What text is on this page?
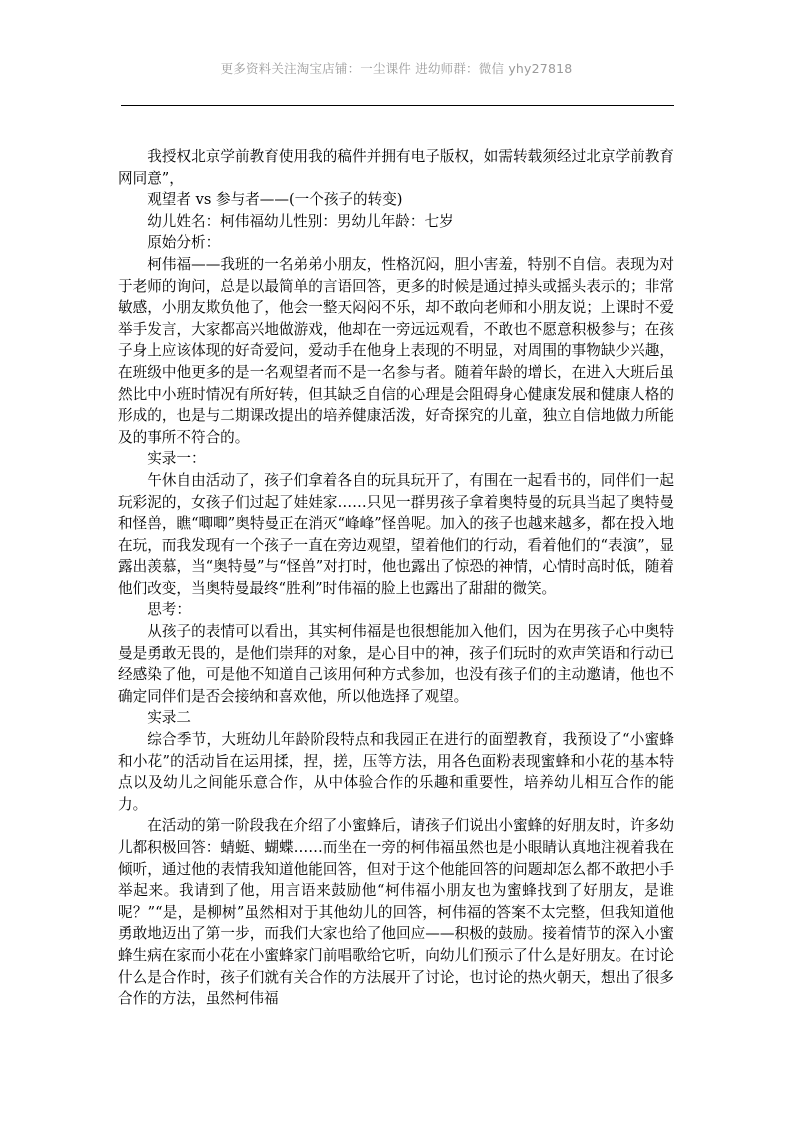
更多资料关注淘宝店铺：一尘课件 进幼师群：微信 yhy27818

我授权北京学前教育使用我的稿件并拥有电子版权，如需转载须经过北京学前教育网同意”，

观望者 vs 参与者——(一个孩子的转变)

幼儿姓名：柯伟福幼儿性别：男幼儿年龄：七岁

原始分析：

柯伟福——我班的一名弟弟小朋友，性格沉闷，胆小害羞，特别不自信。表现为对于老师的询问，总是以最简单的言语回答，更多的时候是通过掉头或摇头表示的；非常敏感，小朋友欺负他了，他会一整天闷闷不乐，却不敢向老师和小朋友说；上课时不爱举手发言，大家都高兴地做游戏，他却在一旁远远观看，不敢也不愿意积极参与；在孩子身上应该体现的好奇爱问，爱动手在他身上表现的不明显，对周围的事物缺少兴趣，在班级中他更多的是一名观望者而不是一名参与者。随着年龄的增长，在进入大班后虽然比中小班时情况有所好转，但其缺乏自信的心理是会阻碍身心健康发展和健康人格的形成的，也是与二期课改提出的培养健康活泼，好奇探究的儿童，独立自信地做力所能及的事所不符合的。

实录一：

午休自由活动了，孩子们拿着各自的玩具玩开了，有围在一起看书的，同伴们一起玩彩泥的，女孩子们过起了娃娃家……只见一群男孩子拿着奥特曼的玩具当起了奥特曼和怪兽，瞧“唧唧”奥特曼正在消灭“峰峰”怪兽呢。加入的孩子也越来越多，都在投入地在玩，而我发现有一个孩子一直在旁边观望，望着他们的行动，看着他们的“表演”，显露出羡慕，当“奥特曼”与“怪兽”对打时，他也露出了惊恐的神情，心情时高时低，随着他们改变，当奥特曼最终“胜利”时伟福的脸上也露出了甜甜的微笑。

思考：

从孩子的表情可以看出，其实柯伟福是也很想能加入他们，因为在男孩子心中奥特曼是勇敢无畏的，是他们崇拜的对象，是心目中的神，孩子们玩时的欢声笑语和行动已经感染了他，可是他不知道自己该用何种方式参加，也没有孩子们的主动邀请，他也不确定同伴们是否会接纳和喜欢他，所以他选择了观望。

实录二

综合季节，大班幼儿年龄阶段特点和我园正在进行的面塑教育，我预设了“小蜜蜂和小花”的活动旨在运用揉，捏，搓，压等方法，用各色面粉表现蜜蜂和小花的基本特点以及幼儿之间能乐意合作，从中体验合作的乐趣和重要性，培养幼儿相互合作的能力。

在活动的第一阶段我在介绍了小蜜蜂后，请孩子们说出小蜜蜂的好朋友时，许多幼儿都积极回答：蜻蜓、蝴蝶……而坐在一旁的柯伟福虽然也是小眼睛认真地注视着我在倾听，通过他的表情我知道他能回答，但对于这个他能回答的问题却怎么都不敢把小手举起来。我请到了他，用言语来鼓励他“柯伟福小朋友也为蜜蜂找到了好朋友，是谁呢？”“是，是柳树”虽然相对于其他幼儿的回答，柯伟福的答案不太完整，但我知道他勇敢地迈出了第一步，而我们大家也给了他回应——积极的鼓励。接着情节的深入小蜜蜂生病在家而小花在小蜜蜂家门前唱歌给它听，向幼儿们预示了什么是好朋友。在讨论什么是合作时，孩子们就有关合作的方法展开了讨论，也讨论的热火朝天，想出了很多合作的方法，虽然柯伟福
